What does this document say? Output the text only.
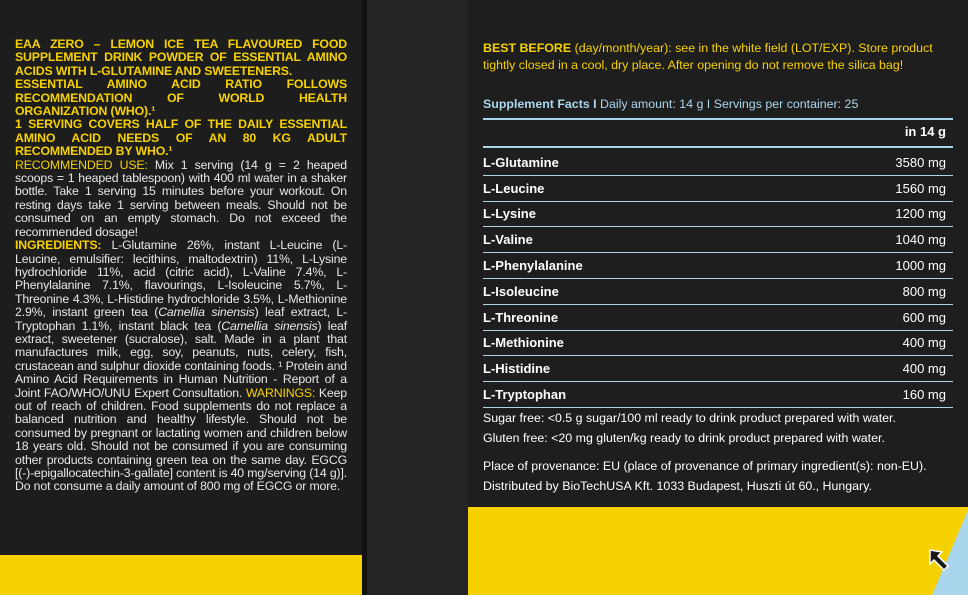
EAA ZERO – LEMON ICE TEA FLAVOURED FOOD SUPPLEMENT DRINK POWDER OF ESSENTIAL AMINO ACIDS WITH L-GLUTAMINE AND SWEETENERS.
ESSENTIAL AMINO ACID RATIO FOLLOWS RECOMMENDATION OF WORLD HEALTH ORGANIZATION (WHO).¹
1 SERVING COVERS HALF OF THE DAILY ESSENTIAL AMINO ACID NEEDS OF AN 80 KG ADULT RECOMMENDED BY WHO.¹
RECOMMENDED USE: Mix 1 serving (14 g = 2 heaped scoops = 1 heaped tablespoon) with 400 ml water in a shaker bottle. Take 1 serving 15 minutes before your workout. On resting days take 1 serving between meals. Should not be consumed on an empty stomach. Do not exceed the recommended dosage!
INGREDIENTS: L-Glutamine 26%, instant L-Leucine (L-Leucine, emulsifier: lecithins, maltodextrin) 11%, L-Lysine hydrochloride 11%, acid (citric acid), L-Valine 7.4%, L-Phenylalanine 7.1%, flavourings, L-Isoleucine 5.7%, L-Threonine 4.3%, L-Histidine hydrochloride 3.5%, L-Methionine 2.9%, instant green tea (Camellia sinensis) leaf extract, L-Tryptophan 1.1%, instant black tea (Camellia sinensis) leaf extract, sweetener (sucralose), salt. Made in a plant that manufactures milk, egg, soy, peanuts, nuts, celery, fish, crustacean and sulphur dioxide containing foods. ¹ Protein and Amino Acid Requirements in Human Nutrition - Report of a Joint FAO/WHO/UNU Expert Consultation. WARNINGS: Keep out of reach of children. Food supplements do not replace a balanced nutrition and healthy lifestyle. Should not be consumed by pregnant or lactating women and children below 18 years old. Should not be consumed if you are consuming other products containing green tea on the same day. EGCG [(-)-epigallocatechin-3-gallate] content is 40 mg/serving (14 g)]. Do not consume a daily amount of 800 mg of EGCG or more.
BEST BEFORE (day/month/year): see in the white field (LOT/EXP). Store product tightly closed in a cool, dry place. After opening do not remove the silica bag!
Supplement Facts I Daily amount: 14 g I Servings per container: 25
in 14 g
L-Glutamine	3580 mg
L-Leucine	1560 mg
L-Lysine	1200 mg
L-Valine	1040 mg
L-Phenylalanine	1000 mg
L-Isoleucine	800 mg
L-Threonine	600 mg
L-Methionine	400 mg
L-Histidine	400 mg
L-Tryptophan	160 mg
Sugar free: <0.5 g sugar/100 ml ready to drink product prepared with water.
Gluten free: <20 mg gluten/kg ready to drink product prepared with water.
Place of provenance: EU (place of provenance of primary ingredient(s): non-EU).
Distributed by BioTechUSA Kft. 1033 Budapest, Huszti út 60., Hungary.
